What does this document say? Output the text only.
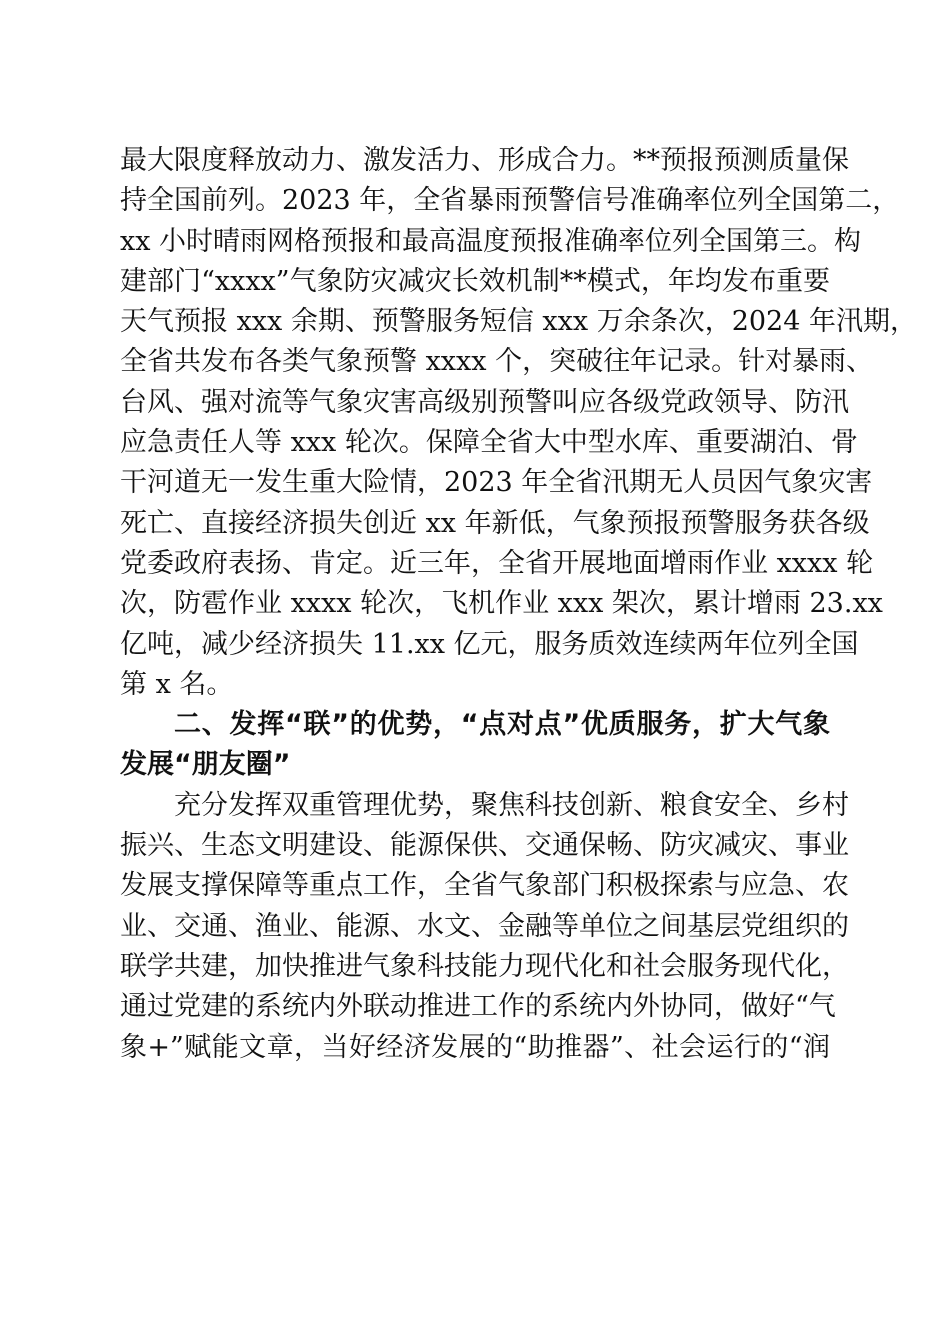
最大限度释放动力、激发活力、形成合力。**预报预测质量保
持全国前列。2023 年，全省暴雨预警信号准确率位列全国第二，
xx 小时晴雨网格预报和最高温度预报准确率位列全国第三。构
建部门“xxxx”气象防灾减灾长效机制**模式，年均发布重要
天气预报 xxx 余期、预警服务短信 xxx 万余条次，2024 年汛期，
全省共发布各类气象预警 xxxx 个，突破往年记录。针对暴雨、
台风、强对流等气象灾害高级别预警叫应各级党政领导、防汛
应急责任人等 xxx 轮次。保障全省大中型水库、重要湖泊、骨
干河道无一发生重大险情，2023 年全省汛期无人员因气象灾害
死亡、直接经济损失创近 xx 年新低，气象预报预警服务获各级
党委政府表扬、肯定。近三年，全省开展地面增雨作业 xxxx 轮
次，防雹作业 xxxx 轮次，飞机作业 xxx 架次，累计增雨 23.xx
亿吨，减少经济损失 11.xx 亿元，服务质效连续两年位列全国
第 x 名。
二、发挥“联”的优势，“点对点”优质服务，扩大气象
发展“朋友圈”
充分发挥双重管理优势，聚焦科技创新、粮食安全、乡村
振兴、生态文明建设、能源保供、交通保畅、防灾减灾、事业
发展支撑保障等重点工作，全省气象部门积极探索与应急、农
业、交通、渔业、能源、水文、金融等单位之间基层党组织的
联学共建，加快推进气象科技能力现代化和社会服务现代化，
通过党建的系统内外联动推进工作的系统内外协同，做好“气
象+”赋能文章，当好经济发展的“助推器”、社会运行的“润
